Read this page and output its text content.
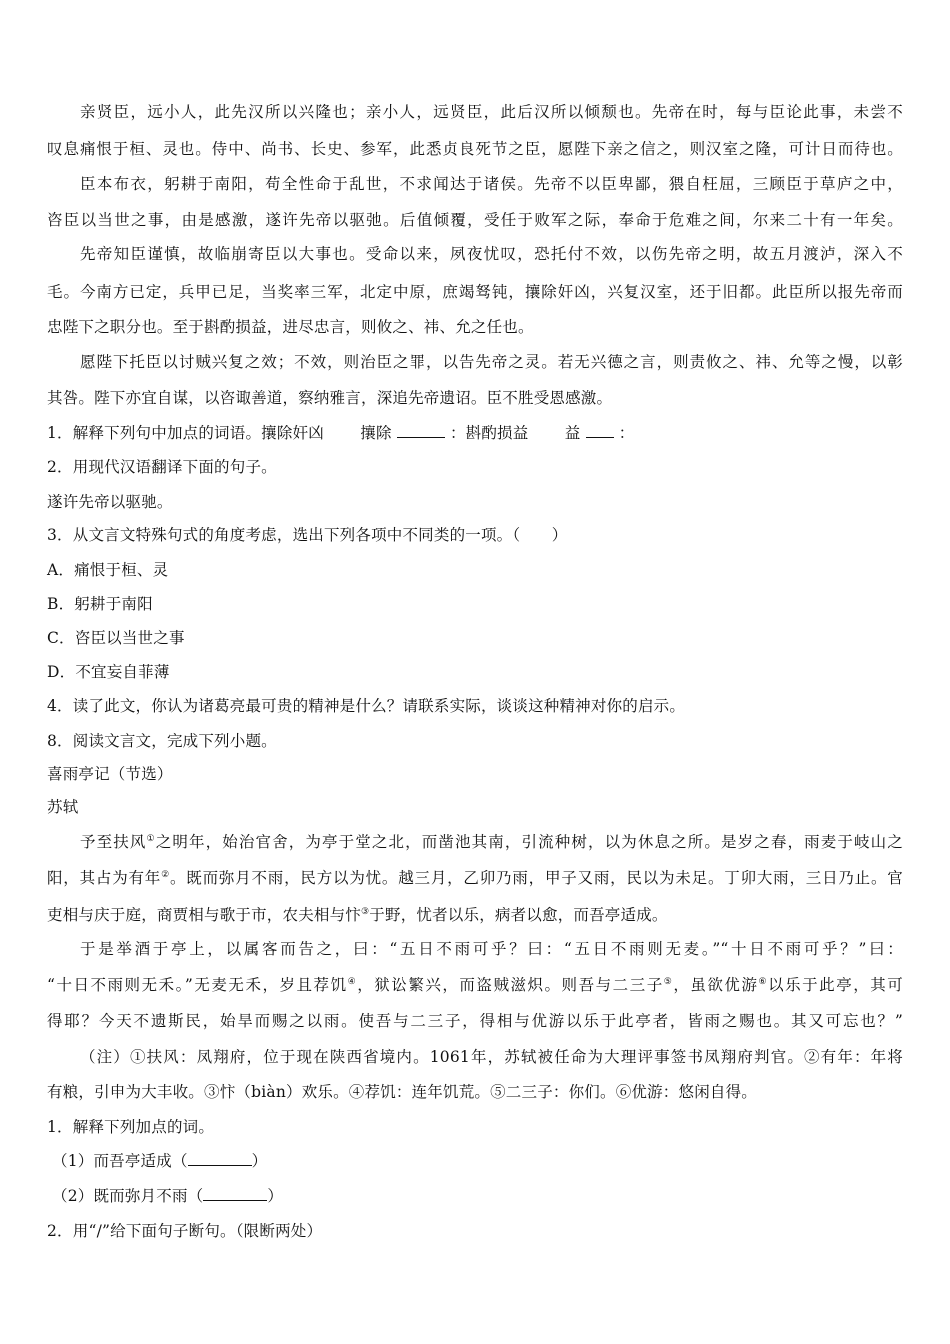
亲贤臣，远小人，此先汉所以兴隆也；亲小人，远贤臣，此后汉所以倾颓也。先帝在时，每与臣论此事，未尝不
叹息痛恨于桓、灵也。侍中、尚书、长史、参军，此悉贞良死节之臣，愿陛下亲之信之，则汉室之隆，可计日而待也。
臣本布衣，躬耕于南阳，苟全性命于乱世，不求闻达于诸侯。先帝不以臣卑鄙，猥自枉屈，三顾臣于草庐之中，
咨臣以当世之事，由是感激，遂许先帝以驱弛。后值倾覆，受任于败军之际，奉命于危难之间，尔来二十有一年矣。
先帝知臣谨慎，故临崩寄臣以大事也。受命以来，夙夜忧叹，恐托付不效，以伤先帝之明，故五月渡泸，深入不
毛。今南方已定，兵甲已足，当奖率三军，北定中原，庶竭驽钝，攘除奸凶，兴复汉室，还于旧都。此臣所以报先帝而
忠陛下之职分也。至于斟酌损益，进尽忠言，则攸之、祎、允之任也。
愿陛下托臣以讨贼兴复之效；不效，则治臣之罪，以告先帝之灵。若无兴德之言，则责攸之、祎、允等之慢，以彰
其咎。陛下亦宜自谋，以咨诹善道，察纳雅言，深追先帝遗诏。臣不胜受恩感激。
1．解释下列句中加点的词语。攘除奸凶 攘除	：斟酌损益 益 ：
2．用现代汉语翻译下面的句子。
遂许先帝以驱驰。
3．从文言文特殊句式的角度考虑，选出下列各项中不同类的一项。（　　）
A．痛恨于桓、灵
B．躬耕于南阳
C．咨臣以当世之事
D．不宜妄自菲薄
4．读了此文，你认为诸葛亮最可贵的精神是什么？请联系实际，谈谈这种精神对你的启示。
8．阅读文言文，完成下列小题。
喜雨亭记（节选）
苏轼
予至扶风①之明年，始治官舍，为亭于堂之北，而凿池其南，引流种树，以为休息之所。是岁之春，雨麦于岐山之
阳，其占为有年②。既而弥月不雨，民方以为忧。越三月，乙卯乃雨，甲子又雨，民以为未足。丁卯大雨，三日乃止。官
吏相与庆于庭，商贾相与歌于市，农夫相与忭③于野，忧者以乐，病者以愈，而吾亭适成。
于是举酒于亭上，以属客而告之，曰：“五日不雨可乎？曰：“五日不雨则无麦。”“十日不雨可乎？”曰：
“十日不雨则无禾。”无麦无禾，岁且荐饥④，狱讼繁兴，而盗贼滋炽。则吾与二三子⑤，虽欲优游⑥以乐于此亭，其可
得耶？今天不遗斯民，始旱而赐之以雨。使吾与二三子，得相与优游以乐于此亭者，皆雨之赐也。其又可忘也？”
（注）①扶风：凤翔府，位于现在陕西省境内。1061年，苏轼被任命为大理评事签书凤翔府判官。②有年：年将
有粮，引申为大丰收。③忭（biàn）欢乐。④荐饥：连年饥荒。⑤二三子：你们。⑥优游：悠闲自得。
1．解释下列加点的词。
（1）而吾亭适成（	）
（2）既而弥月不雨（	）
2．用“/”给下面句子断句。（限断两处）
